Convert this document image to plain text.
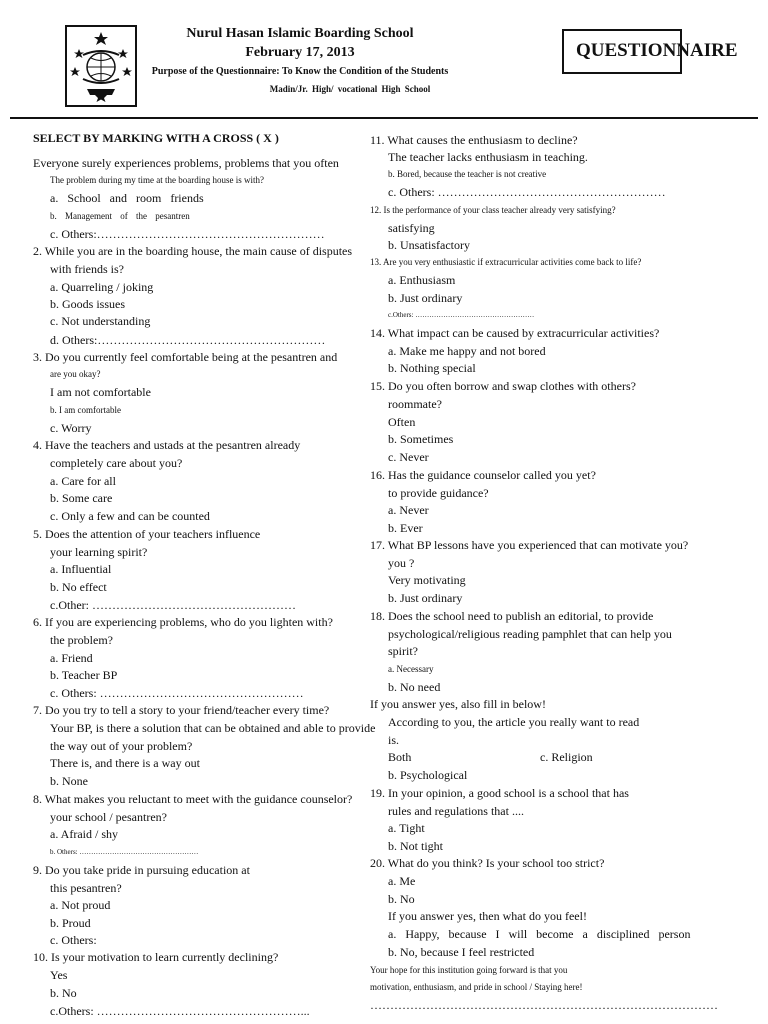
Nurul Hasan Islamic Boarding School
February 17, 2013
Purpose of the Questionnaire: To Know the Condition of the Students
Madin/Jr. High/ vocational High School
QUESTIONNAIRE
SELECT BY MARKING WITH A CROSS ( X )
Everyone surely experiences problems, problems that you often
The problem during my time at the boarding house is with?
a. School and room friends
b. Management of the pesantren
c. Others:…………………………………………………
2. While you are in the boarding house, the main cause of disputes
with friends is?
a. Quarreling / joking
b. Goods issues
c. Not understanding
d. Others:…………………………………………………
3. Do you currently feel comfortable being at the pesantren and
are you okay?
I am not comfortable
b. I am comfortable
c. Worry
4. Have the teachers and ustads at the pesantren already
completely care about you?
a. Care for all
b. Some care
c. Only a few and can be counted
5. Does the attention of your teachers influence
your learning spirit?
a. Influential
b. No effect
c.Other: ……………………………………………
6. If you are experiencing problems, who do you lighten with?
the problem?
a. Friend
b. Teacher BP
c. Others: ……………………………………………
7. Do you try to tell a story to your friend/teacher every time?
Your BP, is there a solution that can be obtained and able to provide
the way out of your problem?
There is, and there is a way out
b. None
8. What makes you reluctant to meet with the guidance counselor?
your school / pesantren?
a. Afraid / shy
b. Others: ……………………………………………
9. Do you take pride in pursuing education at
this pesantren?
a. Not proud
b. Proud
c. Others:
10. Is your motivation to learn currently declining?
Yes
b. No
c.Others: ……………………………………………...
11. What causes the enthusiasm to decline?
The teacher lacks enthusiasm in teaching.
b. Bored, because the teacher is not creative
c. Others: …………………………………………………
12. Is the performance of your class teacher already very satisfying?
satisfying
b. Unsatisfactory
13. Are you very enthusiastic if extracurricular activities come back to life?
a. Enthusiasm
b. Just ordinary
c.Others: ……………………………………………
14. What impact can be caused by extracurricular activities?
a. Make me happy and not bored
b. Nothing special
15. Do you often borrow and swap clothes with others?
roommate?
Often
b. Sometimes
c. Never
16. Has the guidance counselor called you yet?
to provide guidance?
a. Never
b. Ever
17. What BP lessons have you experienced that can motivate you?
you ?
Very motivating
b. Just ordinary
18. Does the school need to publish an editorial, to provide
psychological/religious reading pamphlet that can help you
spirit?
a. Necessary
b. No need
If you answer yes, also fill in below!
According to you, the article you really want to read
is.
Both	c. Religion
b. Psychological
19. In your opinion, a good school is a school that has
rules and regulations that ....
a. Tight
b. Not tight
20. What do you think? Is your school too strict?
a. Me
b. No
If you answer yes, then what do you feel!
a. Happy, because I will become a disciplined person
b. No, because I feel restricted
Your hope for this institution going forward is that you
motivation, enthusiasm, and pride in school / Staying here!
……………………………………………………………………………
